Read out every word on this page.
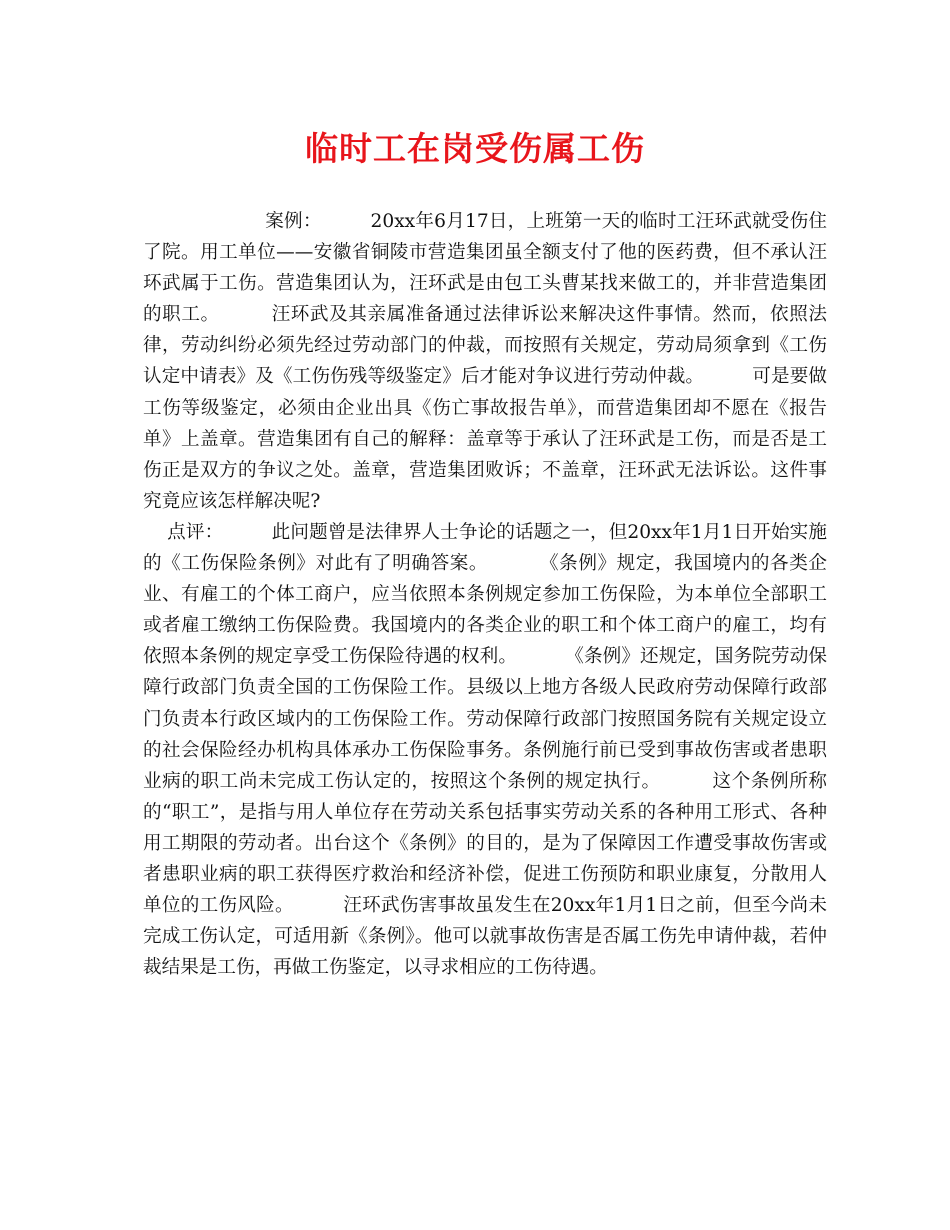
临时工在岗受伤属工伤

案例：        20xx年6月17日，上班第一天的临时工汪环武就受伤住了院。用工单位——安徽省铜陵市营造集团虽全额支付了他的医药费，但不承认汪环武属于工伤。营造集团认为，汪环武是由包工头曹某找来做工的，并非营造集团的职工。        汪环武及其亲属准备通过法律诉讼来解决这件事情。然而，依照法律，劳动纠纷必须先经过劳动部门的仲裁，而按照有关规定，劳动局须拿到《工伤认定中请表》及《工伤伤残等级鉴定》后才能对争议进行劳动仲裁。        可是要做工伤等级鉴定，必须由企业出具《伤亡事故报告单》，而营造集团却不愿在《报告单》上盖章。营造集团有自己的解释：盖章等于承认了汪环武是工伤，而是否是工伤正是双方的争议之处。盖章，营造集团败诉；不盖章，汪环武无法诉讼。这件事究竟应该怎样解决呢?

点评：        此问题曾是法律界人士争论的话题之一，但20xx年1月1日开始实施的《工伤保险条例》对此有了明确答案。        《条例》规定，我国境内的各类企业、有雇工的个体工商户，应当依照本条例规定参加工伤保险，为本单位全部职工或者雇工缴纳工伤保险费。我国境内的各类企业的职工和个体工商户的雇工，均有依照本条例的规定享受工伤保险待遇的权利。        《条例》还规定，国务院劳动保障行政部门负责全国的工伤保险工作。县级以上地方各级人民政府劳动保障行政部门负责本行政区域内的工伤保险工作。劳动保障行政部门按照国务院有关规定设立的社会保险经办机构具体承办工伤保险事务。条例施行前已受到事故伤害或者患职业病的职工尚未完成工伤认定的，按照这个条例的规定执行。        这个条例所称的“职工”，是指与用人单位存在劳动关系包括事实劳动关系的各种用工形式、各种用工期限的劳动者。出台这个《条例》的目的，是为了保障因工作遭受事故伤害或者患职业病的职工获得医疗救治和经济补偿，促进工伤预防和职业康复，分散用人单位的工伤风险。        汪环武伤害事故虽发生在20xx年1月1日之前，但至今尚未完成工伤认定，可适用新《条例》。他可以就事故伤害是否属工伤先申请仲裁，若仲裁结果是工伤，再做工伤鉴定，以寻求相应的工伤待遇。
